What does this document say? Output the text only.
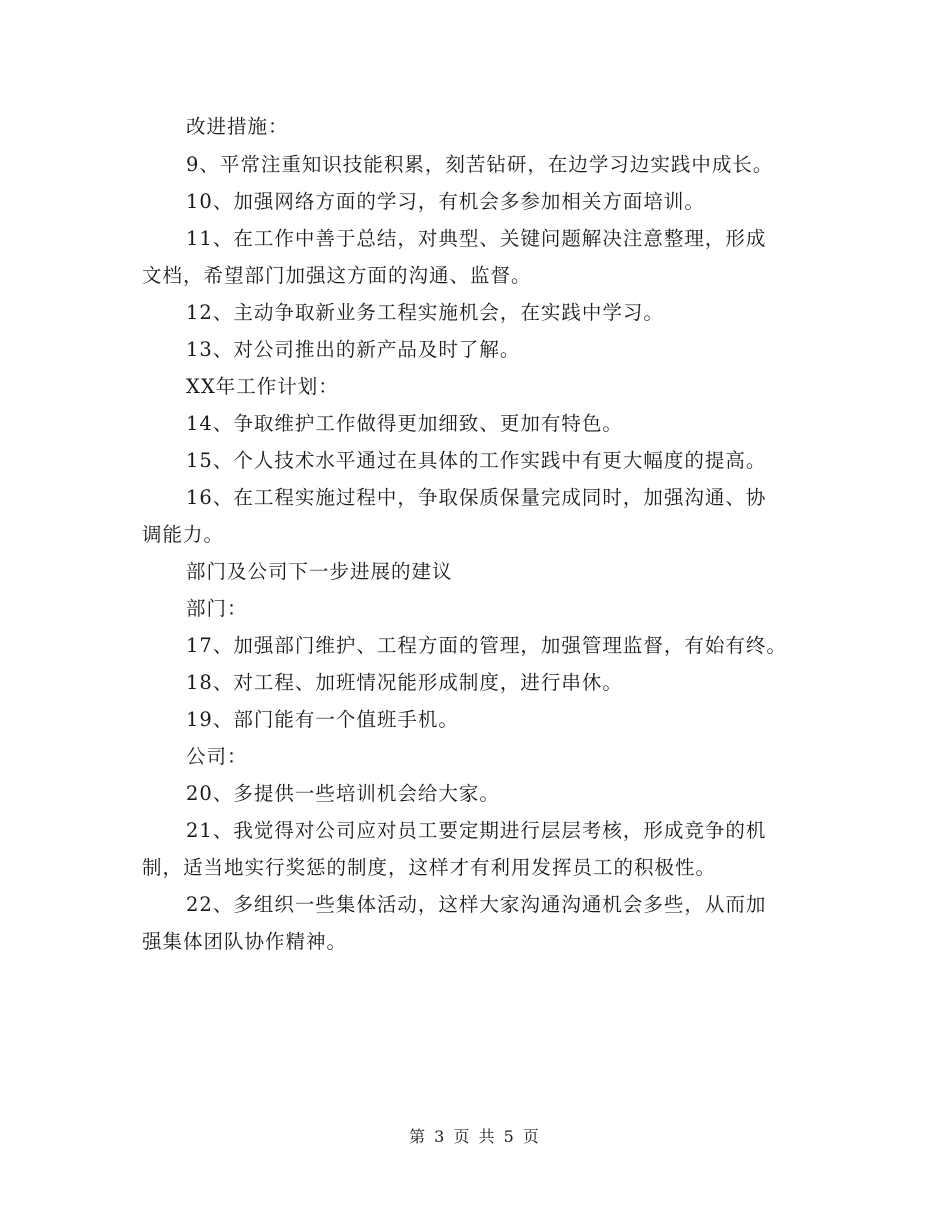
改进措施：
9、平常注重知识技能积累，刻苦钻研，在边学习边实践中成长。
10、加强网络方面的学习，有机会多参加相关方面培训。
11、在工作中善于总结，对典型、关键问题解决注意整理，形成
文档，希望部门加强这方面的沟通、监督。
12、主动争取新业务工程实施机会，在实践中学习。
13、对公司推出的新产品及时了解。
XX年工作计划：
14、争取维护工作做得更加细致、更加有特色。
15、个人技术水平通过在具体的工作实践中有更大幅度的提高。
16、在工程实施过程中，争取保质保量完成同时，加强沟通、协
调能力。
部门及公司下一步进展的建议
部门：
17、加强部门维护、工程方面的管理，加强管理监督，有始有终。
18、对工程、加班情况能形成制度，进行串休。
19、部门能有一个值班手机。
公司：
20、多提供一些培训机会给大家。
21、我觉得对公司应对员工要定期进行层层考核，形成竞争的机
制，适当地实行奖惩的制度，这样才有利用发挥员工的积极性。
22、多组织一些集体活动，这样大家沟通沟通机会多些，从而加
强集体团队协作精神。
第 3 页 共 5 页
